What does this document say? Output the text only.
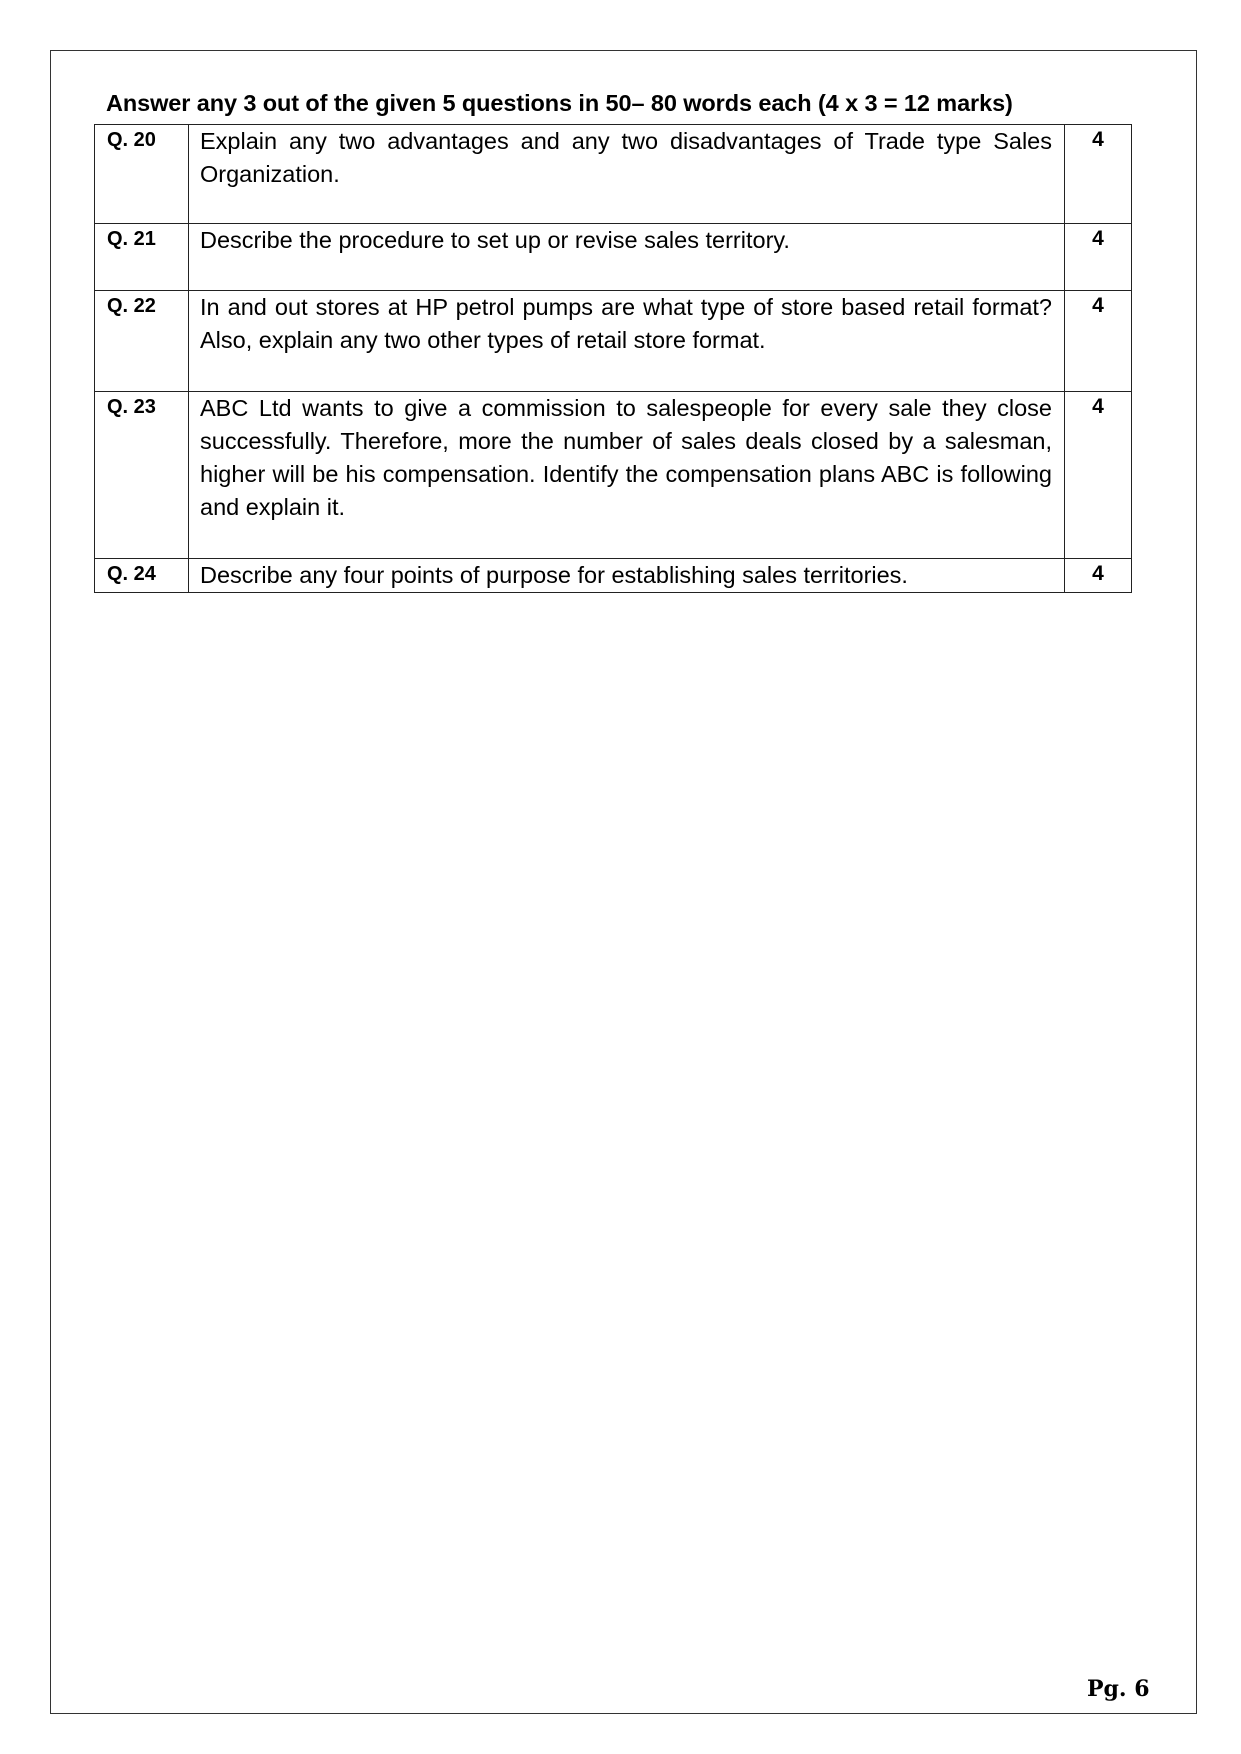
Answer any 3 out of the given 5 questions in 50– 80 words each (4 x 3 = 12 marks)
Q. 20	Explain any two advantages and any two disadvantages of Trade type Sales Organization.	4
Q. 21	Describe the procedure to set up or revise sales territory.	4
Q. 22	In and out stores at HP petrol pumps are what type of store based retail format? Also, explain any two other types of retail store format.	4
Q. 23	ABC Ltd wants to give a commission to salespeople for every sale they close successfully. Therefore, more the number of sales deals closed by a salesman, higher will be his compensation. Identify the compensation plans ABC is following and explain it.	4
Q. 24	Describe any four points of purpose for establishing sales territories.	4
Pg. 6
